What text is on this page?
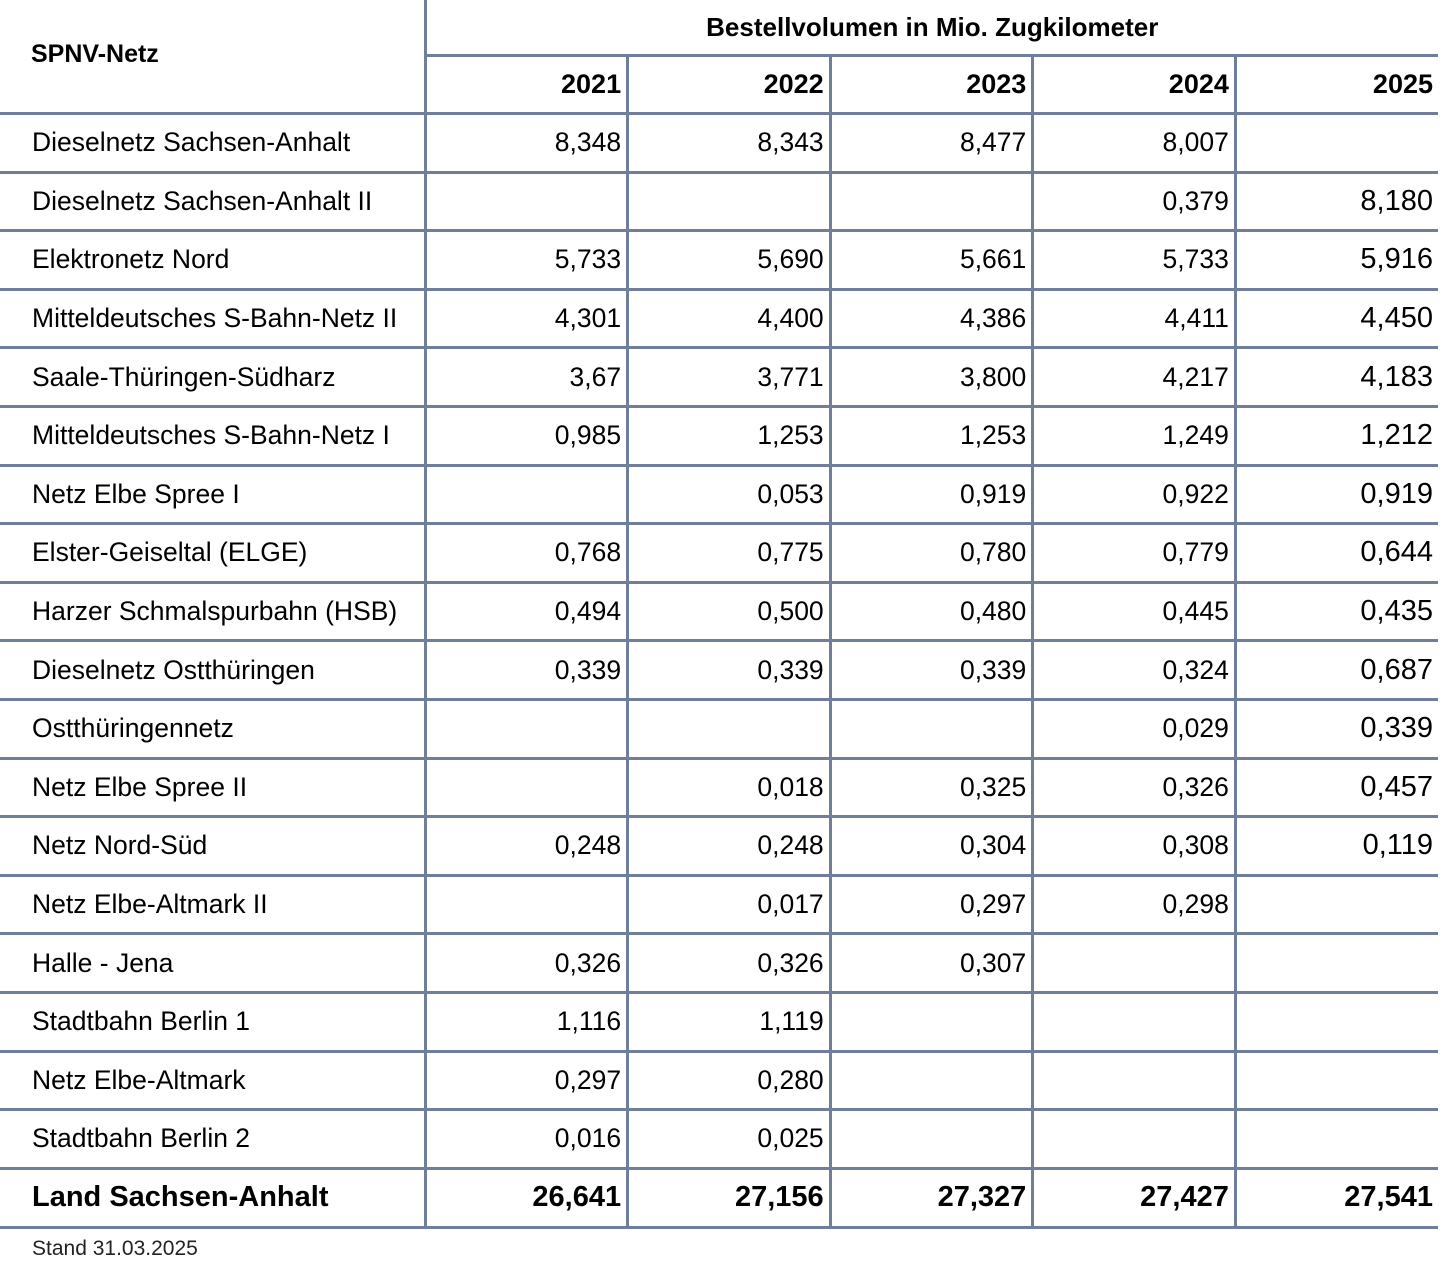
SPNV-Netz	Bestellvolumen in Mio. Zugkilometer				
	2021	2022	2023	2024	2025
Dieselnetz Sachsen-Anhalt	8,348	8,343	8,477	8,007	
Dieselnetz Sachsen-Anhalt II				0,379	8,180
Elektronetz Nord	5,733	5,690	5,661	5,733	5,916
Mitteldeutsches S-Bahn-Netz II	4,301	4,400	4,386	4,411	4,450
Saale-Thüringen-Südharz	3,67	3,771	3,800	4,217	4,183
Mitteldeutsches S-Bahn-Netz I	0,985	1,253	1,253	1,249	1,212
Netz Elbe Spree I		0,053	0,919	0,922	0,919
Elster-Geiseltal (ELGE)	0,768	0,775	0,780	0,779	0,644
Harzer Schmalspurbahn (HSB)	0,494	0,500	0,480	0,445	0,435
Dieselnetz Ostthüringen	0,339	0,339	0,339	0,324	0,687
Ostthüringennetz				0,029	0,339
Netz Elbe Spree II		0,018	0,325	0,326	0,457
Netz Nord-Süd	0,248	0,248	0,304	0,308	0,119
Netz Elbe-Altmark II		0,017	0,297	0,298	
Halle - Jena	0,326	0,326	0,307		
Stadtbahn Berlin 1	1,116	1,119			
Netz Elbe-Altmark	0,297	0,280			
Stadtbahn Berlin 2	0,016	0,025			
Land Sachsen-Anhalt	26,641	27,156	27,327	27,427	27,541
Stand 31.03.2025
